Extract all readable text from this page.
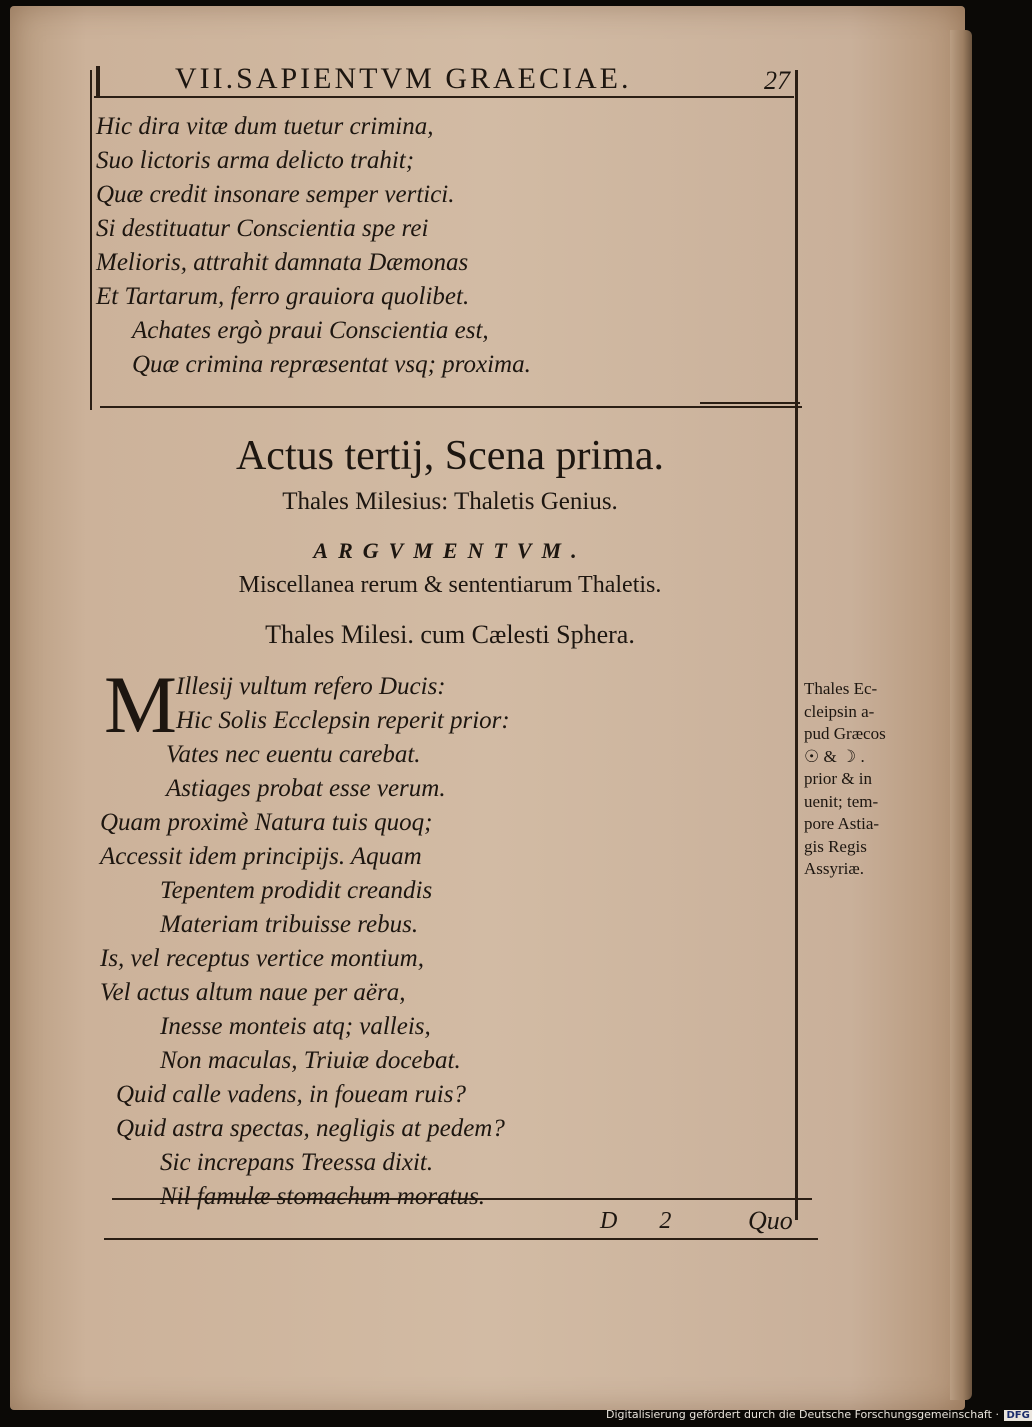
VII.SAPIENTVM GRAECIAE.	27
Hic dira vitæ dum tuetur crimina,
Suo lictoris arma delicto trahit;
Quæ credit insonare semper vertici.
Si destituatur Conscientia spe rei
Melioris, attrahit damnata Dæmonas
Et Tartarum, ferro grauiora quolibet.
Achates ergò praui Conscientia est,
Quæ crimina repræsentat vsq; proxima.
Actus tertij, Scena prima.
Thales Milesius: Thaletis Genius.
ARGVMENTVM.
Miscellanea rerum & sententiarum Thaletis.
Thales Milesi. cum Cælesti Sphera.
M Illesij vultum refero Ducis:
Hic Solis Ecclepsin reperit prior:
Vates nec euentu carebat.
Astiages probat esse verum.
Quam proximè Natura tuis quoq;
Accessit idem principijs. Aquam
Tepentem prodidit creandis
Materiam tribuisse rebus.
Is, vel receptus vertice montium,
Vel actus altum naue per aëra,
Inesse monteis atq; valleis,
Non maculas, Triuiæ docebat.
Quid calle vadens, in foueam ruis?
Quid astra spectas, negligis at pedem?
Sic increpans Treessa dixit.
Nil famulæ stomachum moratus.
Thales Ec-
cleipsin a-
pud Græcos
☉ & ☽ .
prior & in
uenit; tem-
pore Astia-
gis Regis
Assyriæ.
D 2 Quo
Digitalisierung gefördert durch die Deutsche Forschungsgemeinschaft · DFG
